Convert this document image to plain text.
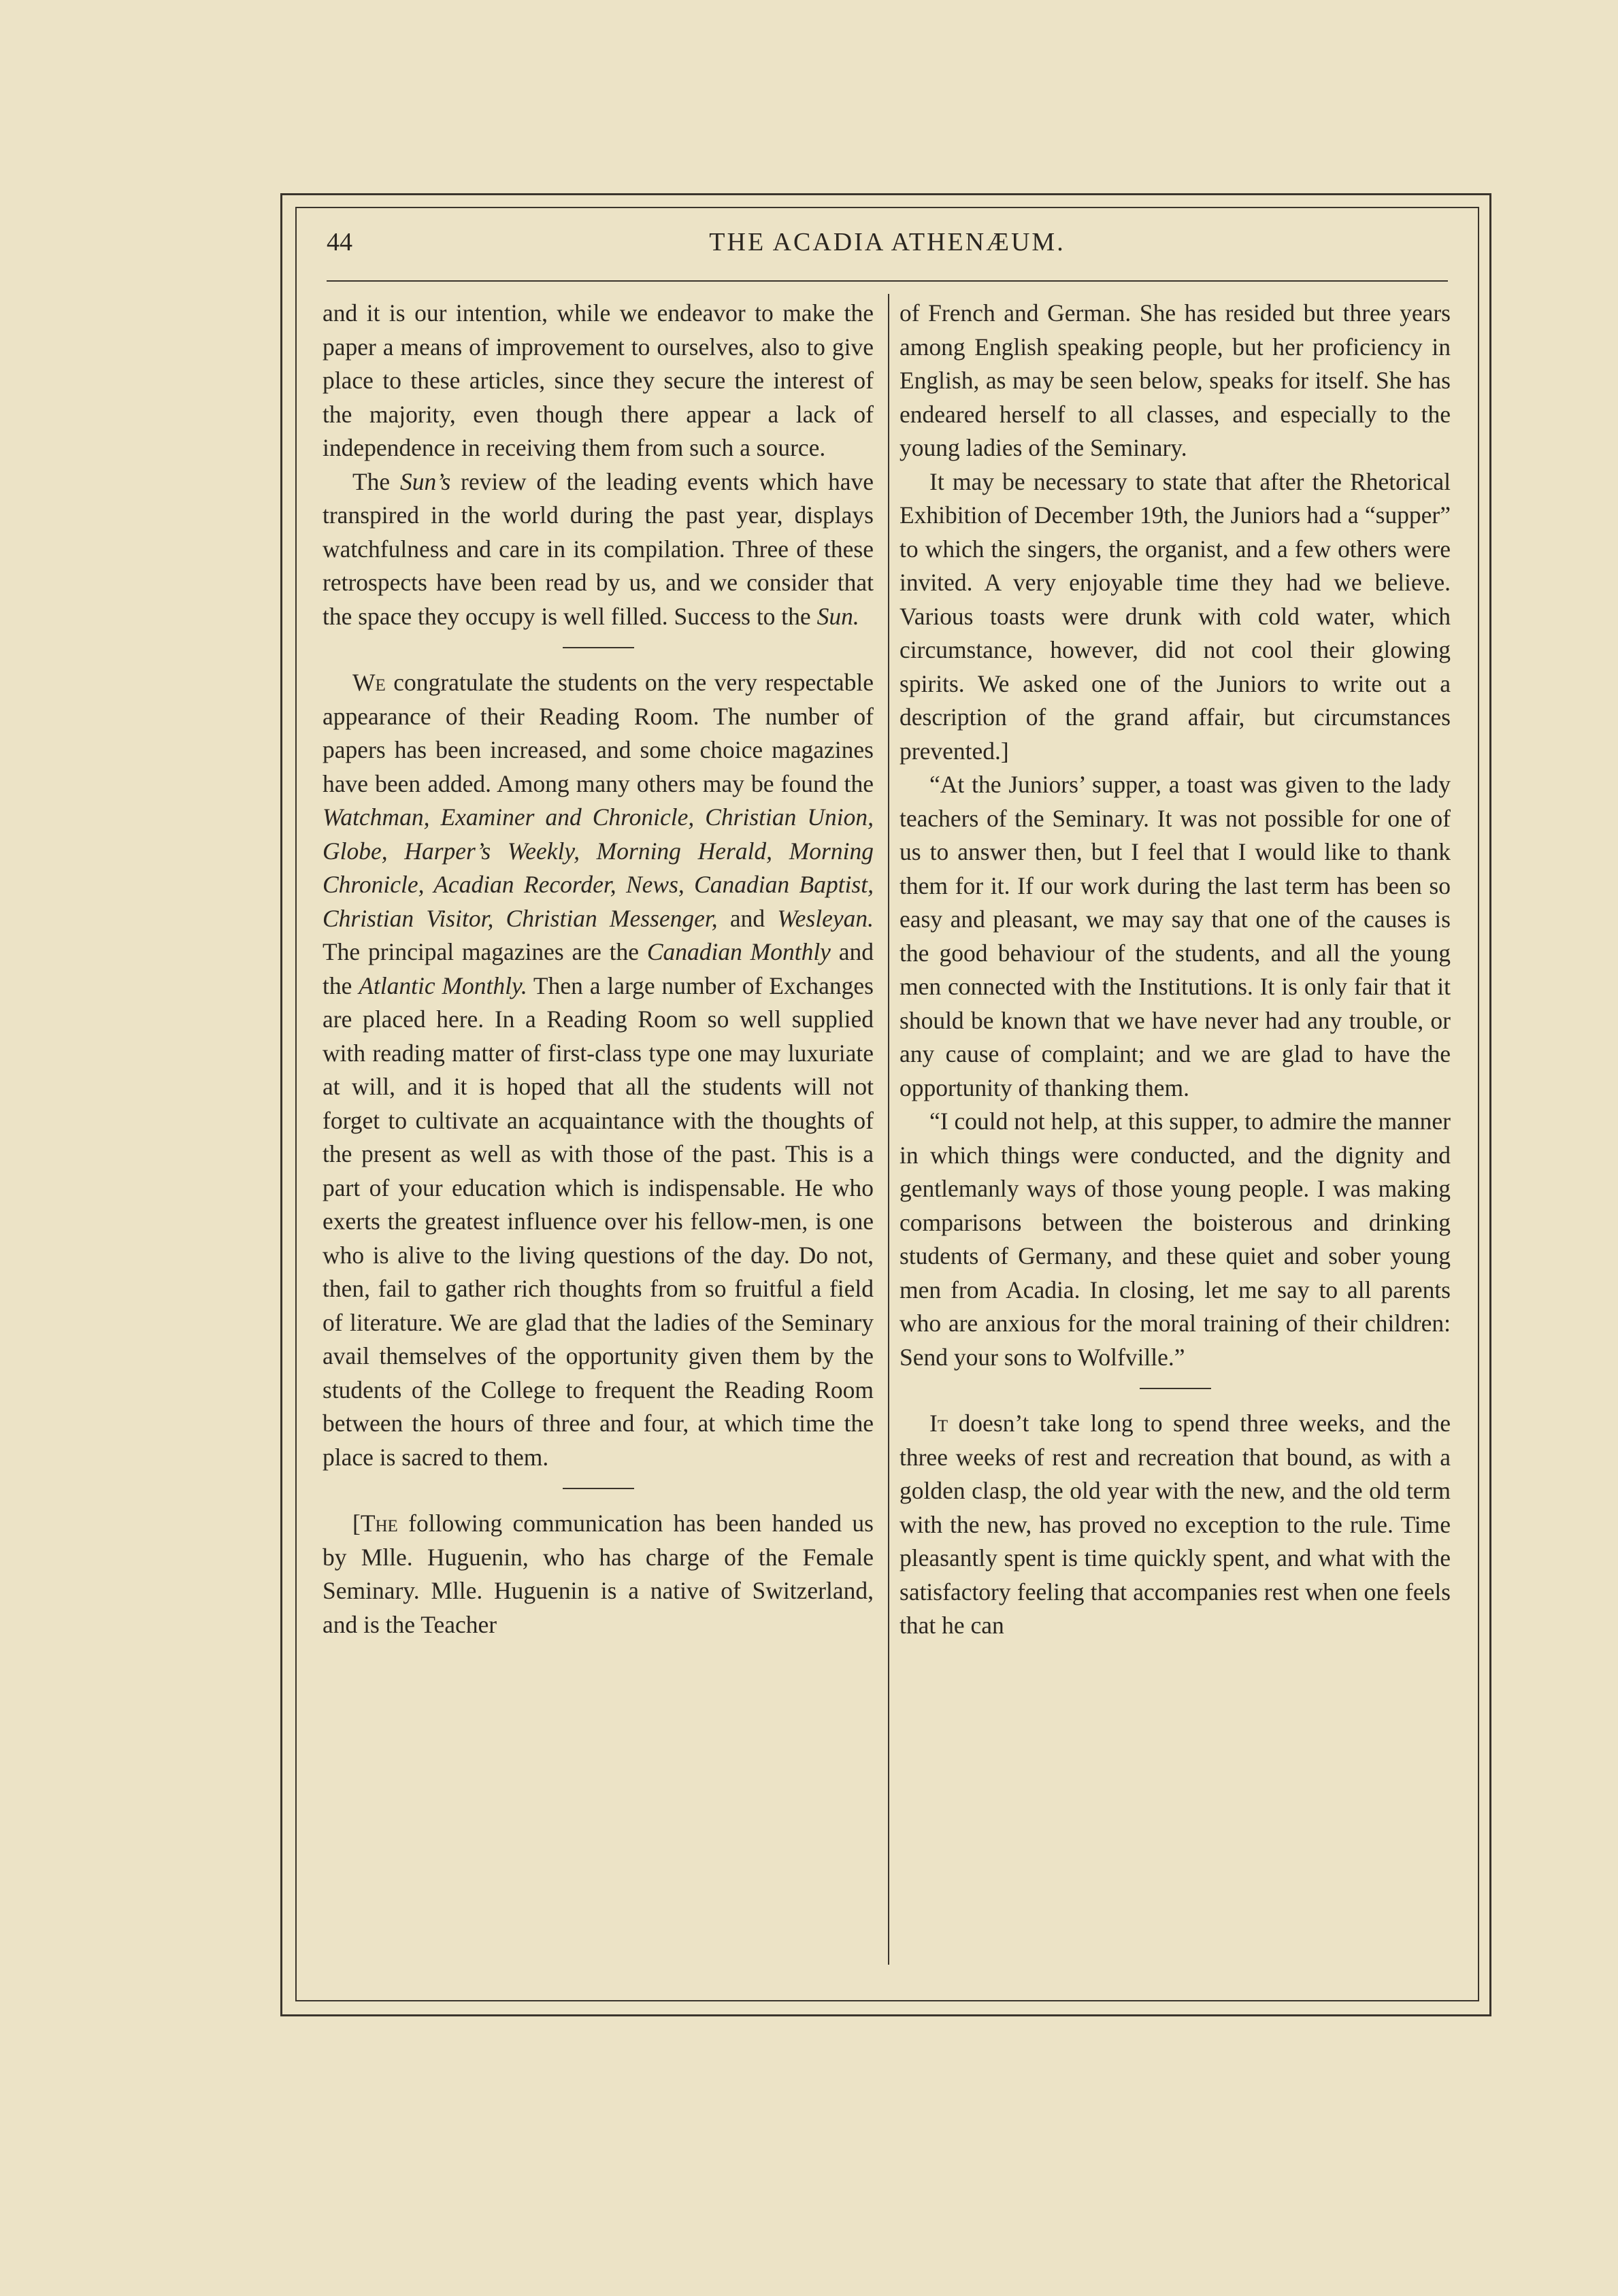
44	THE ACADIA ATHENÆUM.

and it is our intention, while we endeavor to make the paper a means of improvement to ourselves, also to give place to these articles, since they secure the interest of the majority, even though there appear a lack of independence in receiving them from such a source.

The Sun’s review of the leading events which have transpired in the world during the past year, displays watchfulness and care in its compilation. Three of these retrospects have been read by us, and we consider that the space they occupy is well filled. Success to the Sun.

We congratulate the students on the very respectable appearance of their Reading Room. The number of papers has been increased, and some choice magazines have been added. Among many others may be found the Watchman, Examiner and Chronicle, Christian Union, Globe, Harper’s Weekly, Morning Herald, Morning Chronicle, Acadian Recorder, News, Canadian Baptist, Christian Visitor, Christian Messenger, and Wesleyan. The principal magazines are the Canadian Monthly and the Atlantic Monthly. Then a large number of Exchanges are placed here. In a Reading Room so well supplied with reading matter of first-class type one may luxuriate at will, and it is hoped that all the students will not forget to cultivate an acquaintance with the thoughts of the present as well as with those of the past. This is a part of your education which is indispensable. He who exerts the greatest influence over his fellow-men, is one who is alive to the living questions of the day. Do not, then, fail to gather rich thoughts from so fruitful a field of literature. We are glad that the ladies of the Seminary avail themselves of the opportunity given them by the students of the College to frequent the Reading Room between the hours of three and four, at which time the place is sacred to them.

[The following communication has been handed us by Mlle. Huguenin, who has charge of the Female Seminary. Mlle. Huguenin is a native of Switzerland, and is the Teacher

of French and German. She has resided but three years among English speaking people, but her proficiency in English, as may be seen below, speaks for itself. She has endeared herself to all classes, and especially to the young ladies of the Seminary.

It may be necessary to state that after the Rhetorical Exhibition of December 19th, the Juniors had a “supper” to which the singers, the organist, and a few others were invited. A very enjoyable time they had we believe. Various toasts were drunk with cold water, which circumstance, however, did not cool their glowing spirits. We asked one of the Juniors to write out a description of the grand affair, but circumstances prevented.]

“At the Juniors’ supper, a toast was given to the lady teachers of the Seminary. It was not possible for one of us to answer then, but I feel that I would like to thank them for it. If our work during the last term has been so easy and pleasant, we may say that one of the causes is the good behaviour of the students, and all the young men connected with the Institutions. It is only fair that it should be known that we have never had any trouble, or any cause of complaint; and we are glad to have the opportunity of thanking them.

“I could not help, at this supper, to admire the manner in which things were conducted, and the dignity and gentlemanly ways of those young people. I was making comparisons between the boisterous and drinking students of Germany, and these quiet and sober young men from Acadia. In closing, let me say to all parents who are anxious for the moral training of their children: Send your sons to Wolfville.”

It doesn’t take long to spend three weeks, and the three weeks of rest and recreation that bound, as with a golden clasp, the old year with the new, and the old term with the new, has proved no exception to the rule. Time pleasantly spent is time quickly spent, and what with the satisfactory feeling that accompanies rest when one feels that he can
